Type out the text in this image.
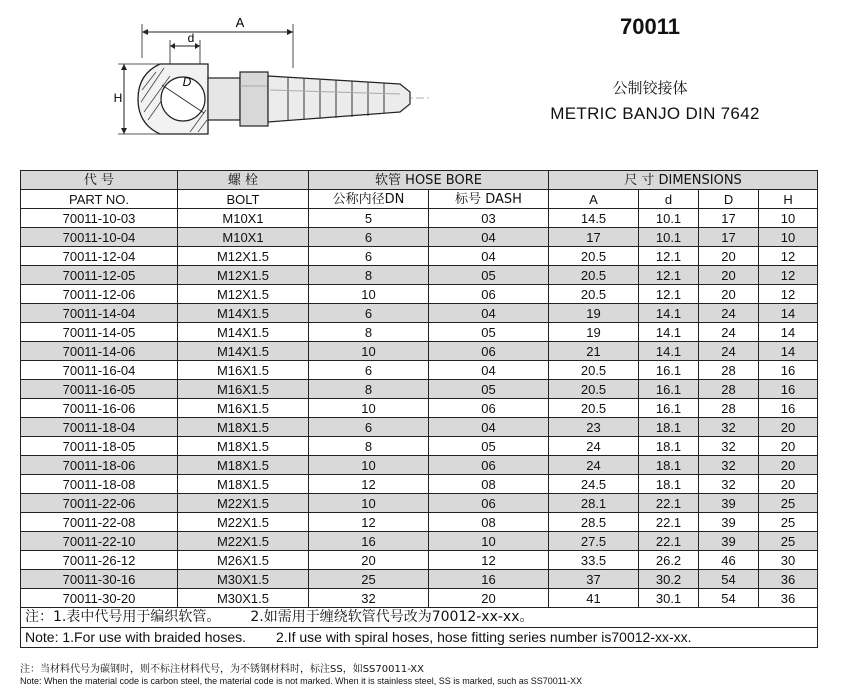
A
d
H
D
70011
公制铰接体
METRIC BANJO DIN 7642
代 号	螺 栓	软管 HOSE BORE		尺 寸 DIMENSIONS			
PART NO.	BOLT	公称内径DN	标号 DASH	A	d	D	H
70011-10-03	M10X1	5	03	14.5	10.1	17	10
70011-10-04	M10X1	6	04	17	10.1	17	10
70011-12-04	M12X1.5	6	04	20.5	12.1	20	12
70011-12-05	M12X1.5	8	05	20.5	12.1	20	12
70011-12-06	M12X1.5	10	06	20.5	12.1	20	12
70011-14-04	M14X1.5	6	04	19	14.1	24	14
70011-14-05	M14X1.5	8	05	19	14.1	24	14
70011-14-06	M14X1.5	10	06	21	14.1	24	14
70011-16-04	M16X1.5	6	04	20.5	16.1	28	16
70011-16-05	M16X1.5	8	05	20.5	16.1	28	16
70011-16-06	M16X1.5	10	06	20.5	16.1	28	16
70011-18-04	M18X1.5	6	04	23	18.1	32	20
70011-18-05	M18X1.5	8	05	24	18.1	32	20
70011-18-06	M18X1.5	10	06	24	18.1	32	20
70011-18-08	M18X1.5	12	08	24.5	18.1	32	20
70011-22-06	M22X1.5	10	06	28.1	22.1	39	25
70011-22-08	M22X1.5	12	08	28.5	22.1	39	25
70011-22-10	M22X1.5	16	10	27.5	22.1	39	25
70011-26-12	M26X1.5	20	12	33.5	26.2	46	30
70011-30-16	M30X1.5	25	16	37	30.2	54	36
70011-30-20	M30X1.5	32	20	41	30.1	54	36
注：1.表中代号用于编织软管。 2.如需用于缠绕软管代号改为70012-xx-xx。							
Note: 1.For use with braided hoses. 2.If use with spiral hoses, hose fitting series number is70012-xx-xx.							
注：当材料代号为碳钢时，则不标注材料代号，为不锈钢材料时，标注SS，如SS70011-XX
Note: When the material code is carbon steel, the material code is not marked. When it is stainless steel, SS is marked, such as SS70011-XX
